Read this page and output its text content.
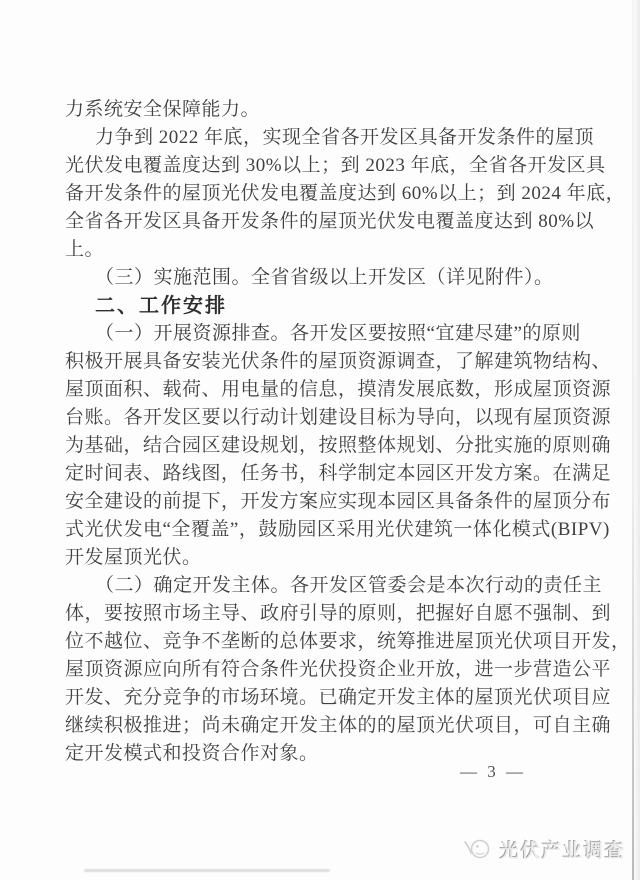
力系统安全保障能力。
力争到 2022 年底，实现全省各开发区具备开发条件的屋顶
光伏发电覆盖度达到 30%以上；到 2023 年底，全省各开发区具
备开发条件的屋顶光伏发电覆盖度达到 60%以上；到 2024 年底，
全省各开发区具备开发条件的屋顶光伏发电覆盖度达到 80%以
上。
（三）实施范围。全省省级以上开发区（详见附件）。
二、工作安排
（一）开展资源排查。各开发区要按照“宜建尽建”的原则
积极开展具备安装光伏条件的屋顶资源调查，了解建筑物结构、
屋顶面积、载荷、用电量的信息，摸清发展底数，形成屋顶资源
台账。各开发区要以行动计划建设目标为导向，以现有屋顶资源
为基础，结合园区建设规划，按照整体规划、分批实施的原则确
定时间表、路线图，任务书，科学制定本园区开发方案。在满足
安全建设的前提下，开发方案应实现本园区具备条件的屋顶分布
式光伏发电“全覆盖”，鼓励园区采用光伏建筑一体化模式(BIPV)
开发屋顶光伏。
（二）确定开发主体。各开发区管委会是本次行动的责任主
体，要按照市场主导、政府引导的原则，把握好自愿不强制、到
位不越位、竞争不垄断的总体要求，统筹推进屋顶光伏项目开发，
屋顶资源应向所有符合条件光伏投资企业开放，进一步营造公平
开发、充分竞争的市场环境。已确定开发主体的屋顶光伏项目应
继续积极推进；尚未确定开发主体的的屋顶光伏项目，可自主确
定开发模式和投资合作对象。
— 3 —
光伏产业调查
